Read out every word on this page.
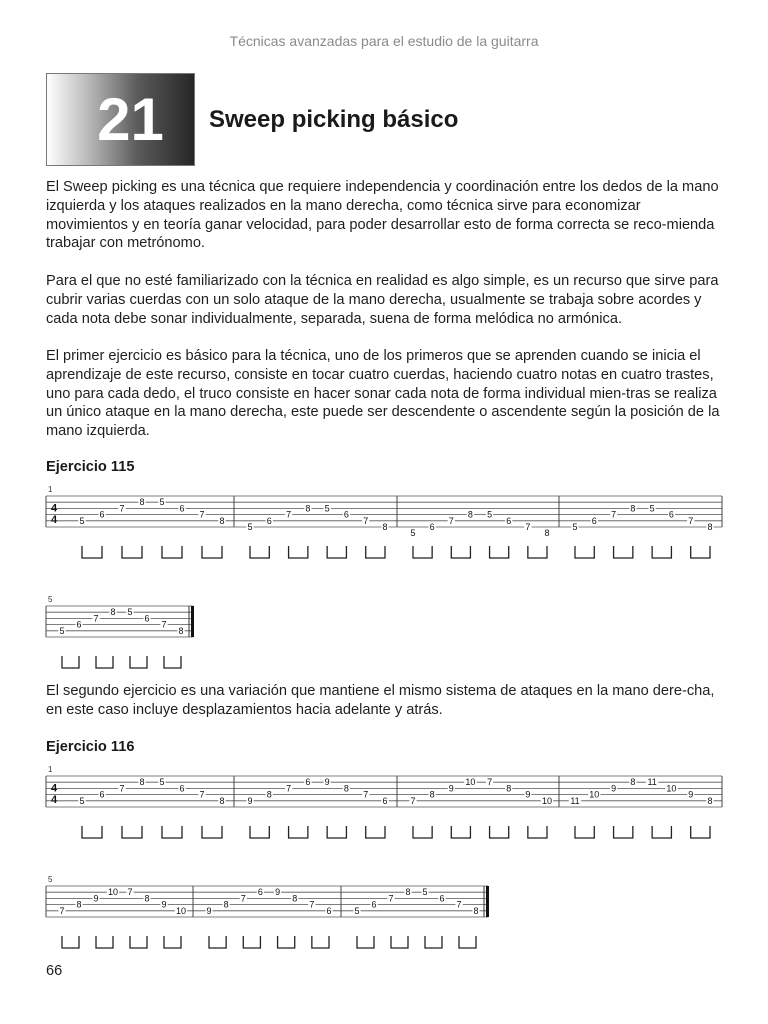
Técnicas avanzadas para el estudio de la guitarra
21	Sweep picking básico

El Sweep picking es una técnica que requiere independencia y coordinación entre los dedos de la mano izquierda y los ataques realizados en la mano derecha, como técnica sirve para economizar movimientos y en teoría ganar velocidad, para poder desarrollar esto de forma correcta se reco-mienda trabajar con metrónomo.

Para el que no esté familiarizado con la técnica en realidad es algo simple, es un recurso que sirve para cubrir varias cuerdas con un solo ataque de la mano derecha, usualmente se trabaja sobre acordes y cada nota debe sonar individualmente, separada, suena de forma melódica no armónica.

El primer ejercicio es básico para la técnica, uno de los primeros que se aprenden cuando se inicia el aprendizaje de este recurso, consiste en tocar cuatro cuerdas, haciendo cuatro notas en cuatro trastes, uno para cada dedo, el truco consiste en hacer sonar cada nota de forma individual mien-tras se realiza un único ataque en la mano derecha, este puede ser descendente o ascendente según la posición de la mano izquierda.

Ejercicio 115
1
4
4 5
6
7
8 5
6
7
8
5
6
7
8 5
6
7
8
5
6
7
8 5
6
7
8
5
6
7
8 5
6
7
8
5
5
6
7
8 5
6
7
8

El segundo ejercicio es una variación que mantiene el mismo sistema de ataques en la mano dere-cha, en este caso incluye desplazamientos hacia adelante y atrás.

Ejercicio 116
1
4
4 5
6
7
8 5
6
7
8	9
8
7
6 9
8
7
6	7
8
9
10 7
8
9
10 11
10
9
8 11
10
9
8
5
7
8
9
10 7
8
9
10 9
8
7
6 9
8
7
6	5
6
7
8 5
6
7
8
66
